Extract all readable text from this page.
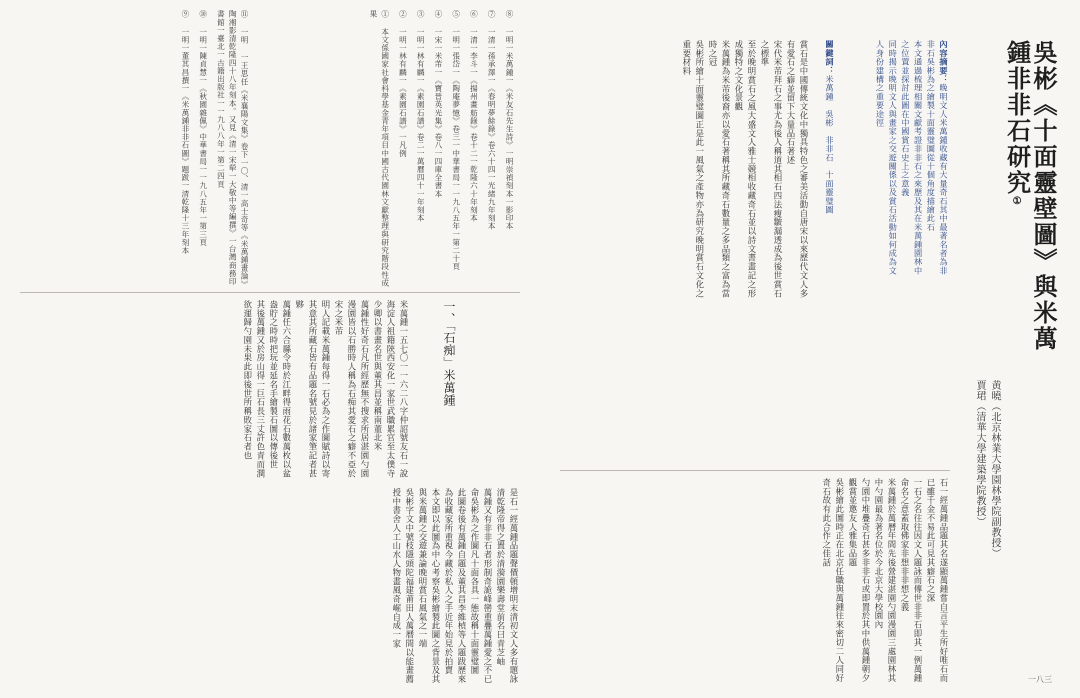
⑪ 一明 一王思任《米襄陽文集》卷下一〇、清一高士奇等《米萬鍾畫論》陶湘影清乾隆四十八年刻本。又見《清一宋犖一大敬中等編撰》一台灣商務印書館一臺北一古籍出版社一一九八八年一第二四頁
⑩ 一明一陳貞慧一《秋園雜佩》中華書局一一九八五年一第三頁
⑨ 一明一董其昌撰一《米萬鍾非非石圖》題跋一清乾隆十三年刻本	⑧ 一明一米萬鍾一《米友石先生詩》一明崇禎刻本一影印本
⑦ 一清一孫承澤一《春明夢餘錄》卷六十四一光緒九年刻本
⑥ 一清一李斗一《揚州畫舫錄》卷十二一乾隆六十年刻本
⑤ 一明一張岱一《陶庵夢憶》卷三一中華書局一一九八五年一第二十頁
④ 一宋一米芾一《寶晉英光集》卷八一四庫全書本
③ 一明一林有麟一《素園石譜》卷二一萬曆四十一年刻本
② 一明一林有麟一《素園石譜》一凡例
① 本文係國家社會科學基金青年項目中國古代園林文獻整理與研究階段性成果
一、「石痴」米萬鍾
米萬鍾一五七〇一一六二八字仲詔號友石一說海淀人祖籍陝西安化一家世武職累官至太僕寺少卿以書畫名世與董其昌並稱南董北米
萬鍾性好奇石凡所經歷無不搜求所居湛園勺園漫園皆以石勝時人稱為石痴其愛石之癖不亞於宋之米芾
明人記載米萬鍾每得一石必為之作圖賦詩以寄其意其所藏石皆有品題名號見於諸家筆記者甚夥
萬鍾任六合縣令時於江畔得雨花石數萬枚以盆盎貯之時時把玩並延名手繪製石圖以傳後世
其後萬鍾又於房山得一巨石長三丈許色青而潤欲運歸勺園未果此即後世所稱敗家石者也
是石一經萬鍾品題聲價頓增明末清初文人多有題詠清乾隆帝得之置於清漪園樂壽堂前名曰青芝岫
萬鍾又有非非石者形制奇詭峰巒重疊萬鍾愛之不已命吳彬為之作圖凡十面各具一態故稱十面靈璧圖
此圖卷後有萬鍾自題及董其昌李維楨等人題跋歷來為收藏家所重視今藏於私人之手近年始見於拍賣
本文即以此圖為中心考察吳彬繪製此圖之背景及其與米萬鍾之交遊兼論晚明賞石風氣之一端
吳彬字文中號枝隱頭陀福建莆田人萬曆間以能畫薦授中書舍人工山水人物畫風奇崛自成一家
吳彬《十面靈壁圖》與米萬鍾非非石研究①
黄曉（北京林業大學園林學院副教授）
賈珺（清華大學建築學院教授）
內容摘要：晚明文人米萬鍾收藏有大量奇石其中最著名者為非非石吳彬為之繪製十面靈璧圖從十個角度描繪此石
本文通過梳理相關文獻考證非非石之來歷及其在米萬鍾園林中之位置並探討此圖在中國賞石史上之意義
同時揭示晚明文人與畫家之交遊關係以及賞石活動如何成為文人身份建構之重要途徑
關鍵詞：米萬鍾　吳彬　非非石　十面靈璧圖
賞石是中國傳統文化中獨具特色之審美活動自唐宋以來歷代文人多有愛石之癖並留下大量品石著述
宋代米芾拜石之事尤為後人稱道其相石四法瘦皺漏透成為後世賞石之標準
至於晚明賞石之風大盛文人雅士競相收藏奇石並以詩文書畫記之形成獨特之文化景觀
米萬鍾為米芾後裔亦以愛石著稱其所藏奇石數量之多品類之富為當時之冠
吳彬所繪十面靈璧圖正是此一風氣之產物亦為研究晚明賞石文化之重要材料
石一經萬鍾品題其名遂顯萬鍾嘗自言平生所好唯石而已雖千金不易此可見其癖石之深
一石之名往往因文人題詠而傳世非非石即其一例萬鍾命名之意蓋取佛家非想非非想之義
米萬鍾於萬曆年間先後營建湛園勺園漫園三處園林其中勺園最為著名位於今北京大學校園內
勺園中堆疊奇石甚多非非石或即置於其中供萬鍾朝夕觀賞並邀友人雅集品題
吳彬繪此圖時正在北京任職與萬鍾往來密切二人同好奇石故有此合作之佳話
一八三
